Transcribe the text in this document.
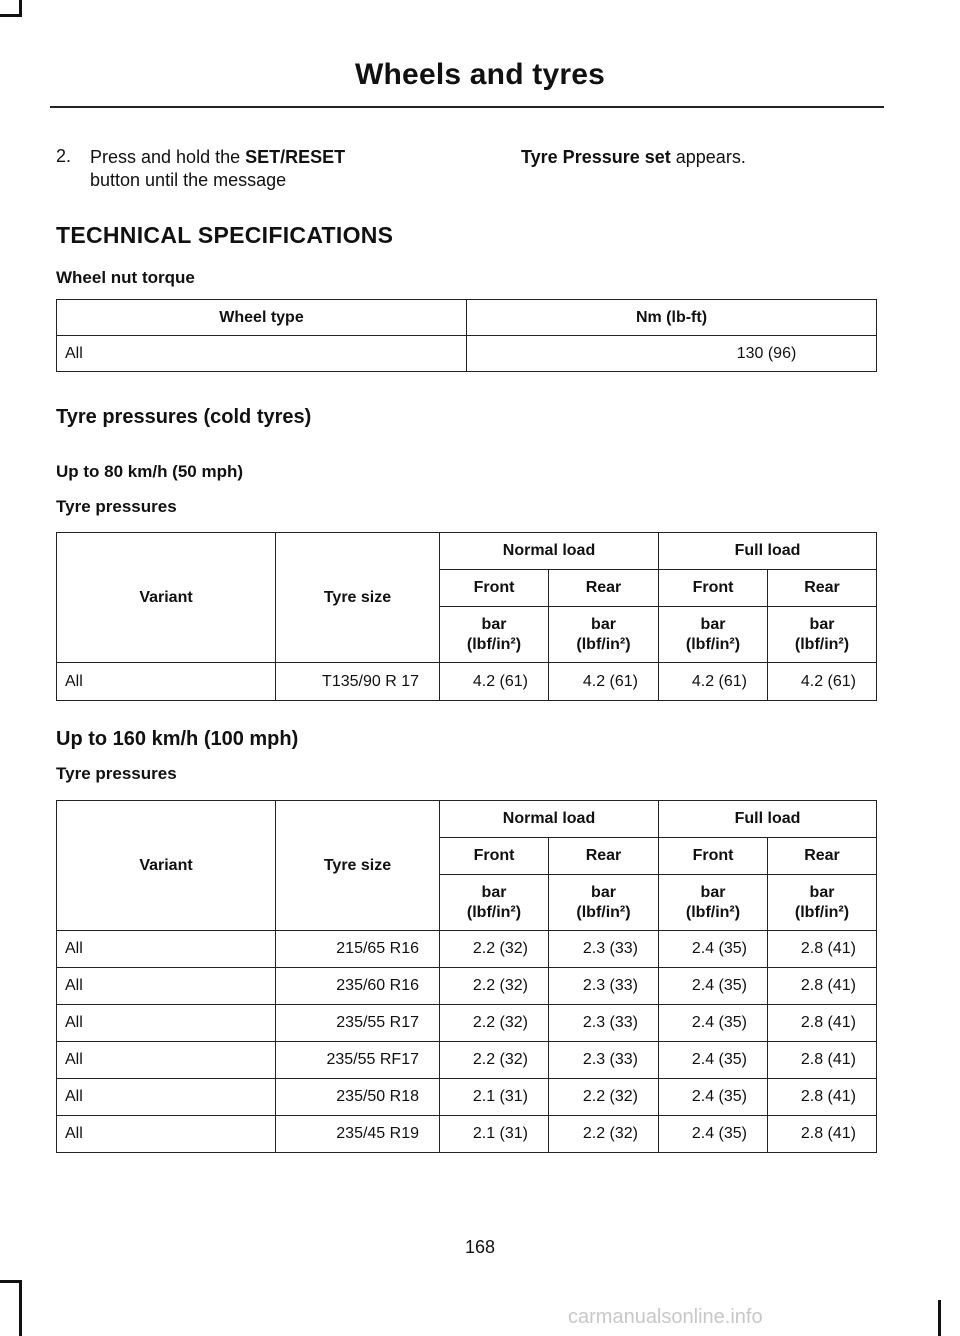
Wheels and tyres
2. Press and hold the SET/RESET
button until the message
Tyre Pressure set appears.
TECHNICAL SPECIFICATIONS
Wheel nut torque
Wheel type	Nm (lb-ft)
All	130 (96)
Tyre pressures (cold tyres)
Up to 80 km/h (50 mph)
Tyre pressures
Variant	Tyre size	Normal load		Full load	
		Front	Rear	Front	Rear
		bar
(lbf/in²)	bar
(lbf/in²)	bar
(lbf/in²)	bar
(lbf/in²)
All	T135/90 R 17	4.2 (61)	4.2 (61)	4.2 (61)	4.2 (61)
Up to 160 km/h (100 mph)
Tyre pressures
Variant	Tyre size	Normal load		Full load	
		Front	Rear	Front	Rear
		bar
(lbf/in²)	bar
(lbf/in²)	bar
(lbf/in²)	bar
(lbf/in²)
All	215/65 R16	2.2 (32)	2.3 (33)	2.4 (35)	2.8 (41)
All	235/60 R16	2.2 (32)	2.3 (33)	2.4 (35)	2.8 (41)
All	235/55 R17	2.2 (32)	2.3 (33)	2.4 (35)	2.8 (41)
All	235/55 RF17	2.2 (32)	2.3 (33)	2.4 (35)	2.8 (41)
All	235/50 R18	2.1 (31)	2.2 (32)	2.4 (35)	2.8 (41)
All	235/45 R19	2.1 (31)	2.2 (32)	2.4 (35)	2.8 (41)
168
carmanualsonline.info
